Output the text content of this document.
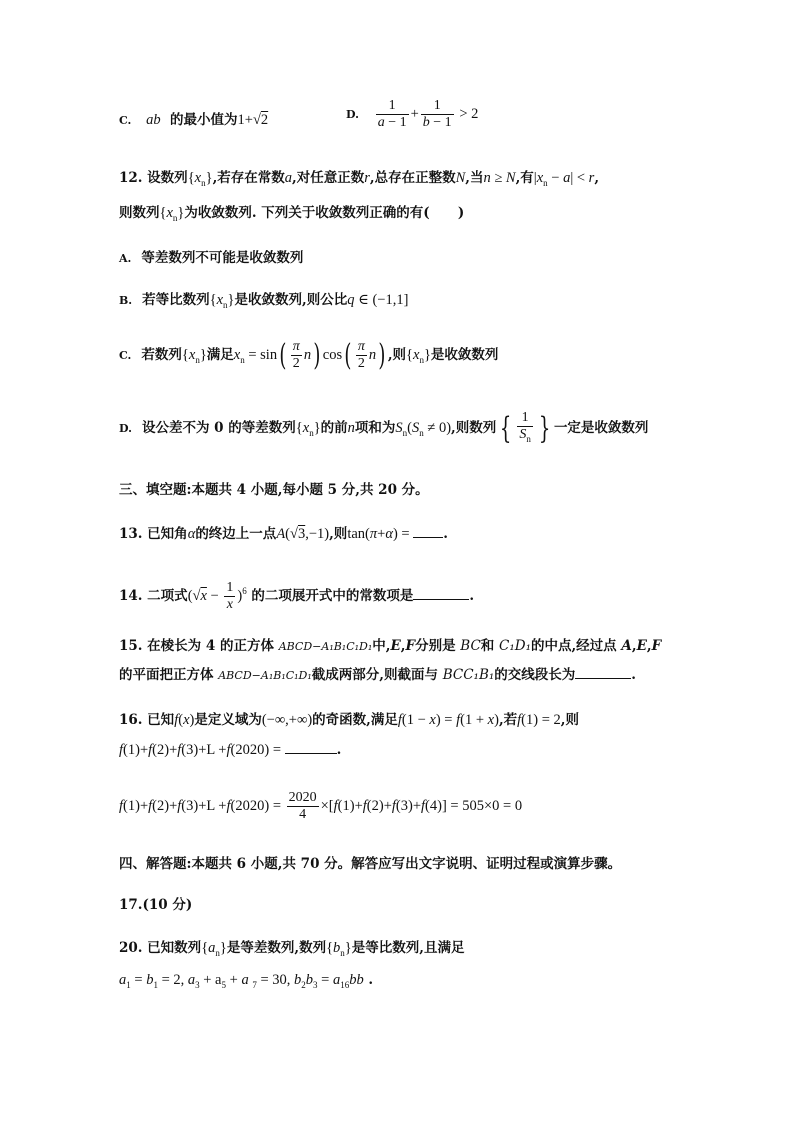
C. ab  的最小值为1+√2	D. $\frac{1}{a - 1} + \frac{1}{b - 1} > 2$
12. 设数列$\{x_n\}$,若存在常数a,对任意正数r,总存在正整数N,当n ≥ N,有$|x_n - a| < r$,
则数列$\{x_n\}$为收敛数列. 下列关于收敛数列正确的有(      )
A. 等差数列不可能是收敛数列
B. 若等比数列$\{x_n\}$是收敛数列,则公比q ∈ (−1,1]
C. 若数列$\{x_n\}$满足$x_n = \sin( \frac{\pi}{2} n)$ $\cos( \frac{\pi}{2} n)$ ,则$\{x_n\}$是收敛数列
D. 设公差不为 0 的等差数列$\{x_n\}$的前n项和为$S_n(S_n \ne 0)$,则数列 { $\frac{1}{S_n}$ } 一定是收敛数列
三、填空题:本题共 4 小题,每小题 5 分,共 20 分。
13. 已知角α的终边上一点A(√3,−1),则tan(π+α) = .
14. 二项式$(√x - \frac{1}{x} )^6$ 的二项展开式中的常数项是	.
15. 在棱长为 4 的正方体 ABCD−A₁B₁C₁D₁中,E,F分别是 BC和 C₁D₁的中点,经过点 A,E,F
的平面把正方体 ABCD−A₁B₁C₁D₁截成两部分,则截面与 BCC₁B₁的交线段长为	.
16. 已知f(x)是定义域为(−∞,+∞)的奇函数,满足f(1 − x) = f(1 + x),若f(1) = 2,则
f(1)+f(2)+f(3)+L +f(2020) =	.
$f(1)+f(2)+f(3)+L +f(2020) = \frac{2020}{4} \times[f(1)+f(2)+f(3)+f(4)] = 505\times 0 = 0$
四、解答题:本题共 6 小题,共 70 分。解答应写出文字说明、证明过程或演算步骤。
17.(10 分)
20. 已知数列$\{a_n\}$是等差数列,数列$\{b_n\}$是等比数列,且满足
$a_1 = b_1 = 2$, $a_3 + a_5 + a$ $_7$ = 30, $b_2b_3 = a_{16}bb$ .
